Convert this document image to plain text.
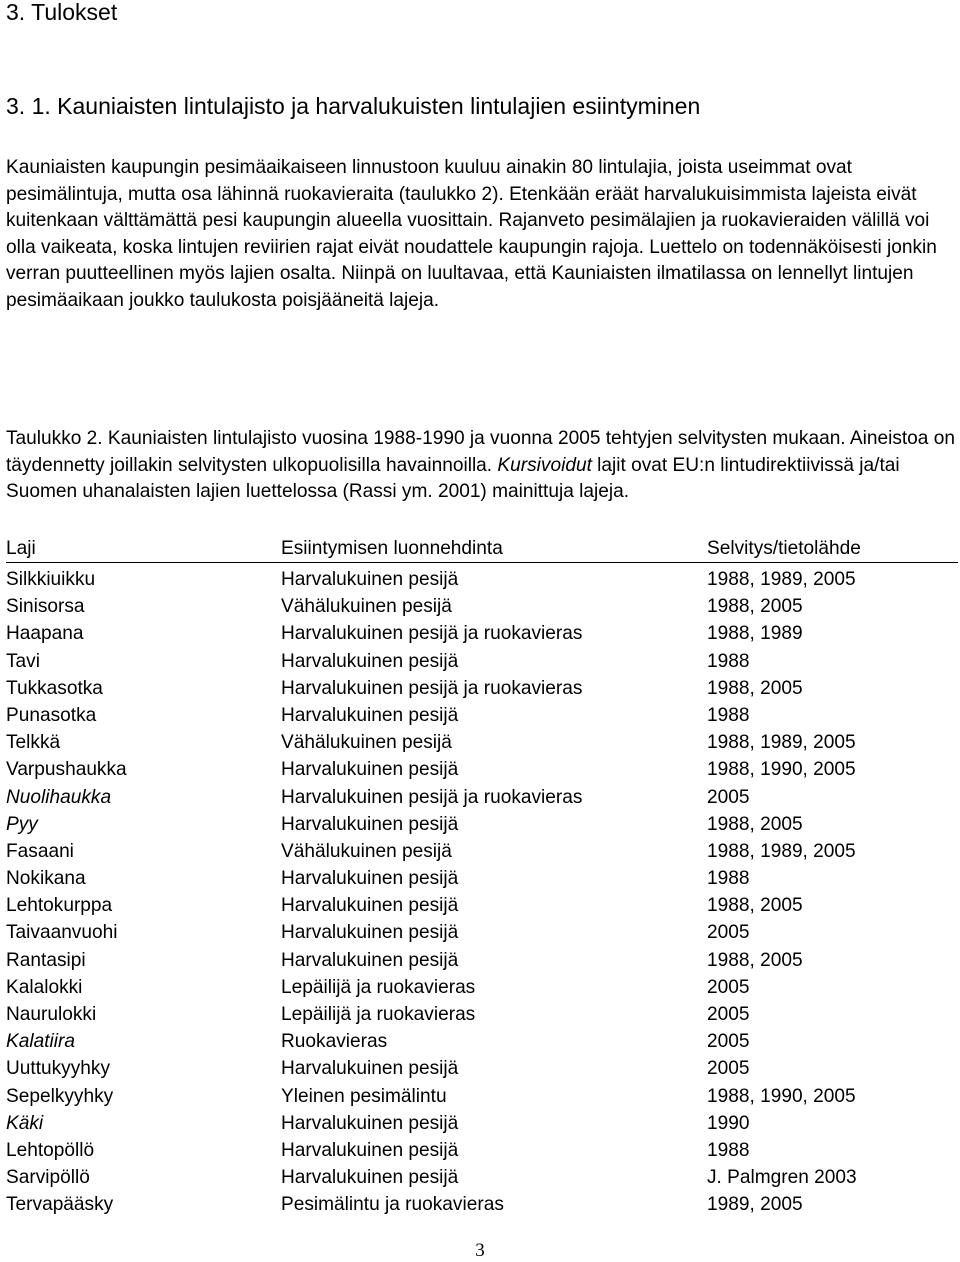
3. Tulokset
3. 1. Kauniaisten lintulajisto ja harvalukuisten lintulajien esiintyminen
Kauniaisten kaupungin pesimäaikaiseen linnustoon kuuluu ainakin 80 lintulajia, joista useimmat ovat pesimälintuja, mutta osa lähinnä ruokavieraita (taulukko 2). Etenkään eräät harvalukuisimmista lajeista eivät kuitenkaan välttämättä pesi kaupungin alueella vuosittain. Rajanveto pesimälajien ja ruokavieraiden välillä voi olla vaikeata, koska lintujen reviirien rajat eivät noudattele kaupungin rajoja. Luettelo on todennäköisesti jonkin verran puutteellinen myös lajien osalta. Niinpä on luultavaa, että Kauniaisten ilmatilassa on lennellyt lintujen pesimäaikaan joukko taulukosta poisjääneitä lajeja.
Taulukko 2. Kauniaisten lintulajisto vuosina 1988-1990 ja vuonna 2005 tehtyjen selvitysten mukaan. Aineistoa on täydennetty joillakin selvitysten ulkopuolisilla havainnoilla. Kursivoidut lajit ovat EU:n lintudirektiivissä ja/tai Suomen uhanalaisten lajien luettelossa (Rassi ym. 2001) mainittuja lajeja.
Laji	Esiintymisen luonnehdinta	Selvitys/tietolähde
Silkkiuikku	Harvalukuinen pesijä	1988, 1989, 2005
Sinisorsa	Vähälukuinen pesijä	1988, 2005
Haapana	Harvalukuinen pesijä ja ruokavieras	1988, 1989
Tavi	Harvalukuinen pesijä	1988
Tukkasotka	Harvalukuinen pesijä ja ruokavieras	1988, 2005
Punasotka	Harvalukuinen pesijä	1988
Telkkä	Vähälukuinen pesijä	1988, 1989, 2005
Varpushaukka	Harvalukuinen pesijä	1988, 1990, 2005
Nuolihaukka	Harvalukuinen pesijä ja ruokavieras	2005
Pyy	Harvalukuinen pesijä	1988, 2005
Fasaani	Vähälukuinen pesijä	1988, 1989, 2005
Nokikana	Harvalukuinen pesijä	1988
Lehtokurppa	Harvalukuinen pesijä	1988, 2005
Taivaanvuohi	Harvalukuinen pesijä	2005
Rantasipi	Harvalukuinen pesijä	1988, 2005
Kalalokki	Lepäilijä ja ruokavieras	2005
Naurulokki	Lepäilijä ja ruokavieras	2005
Kalatiira	Ruokavieras	2005
Uuttukyyhky	Harvalukuinen pesijä	2005
Sepelkyyhky	Yleinen pesimälintu	1988, 1990, 2005
Käki	Harvalukuinen pesijä	1990
Lehtopöllö	Harvalukuinen pesijä	1988
Sarvipöllö	Harvalukuinen pesijä	J. Palmgren 2003
Tervapääsky	Pesimälintu ja ruokavieras	1989, 2005
3
